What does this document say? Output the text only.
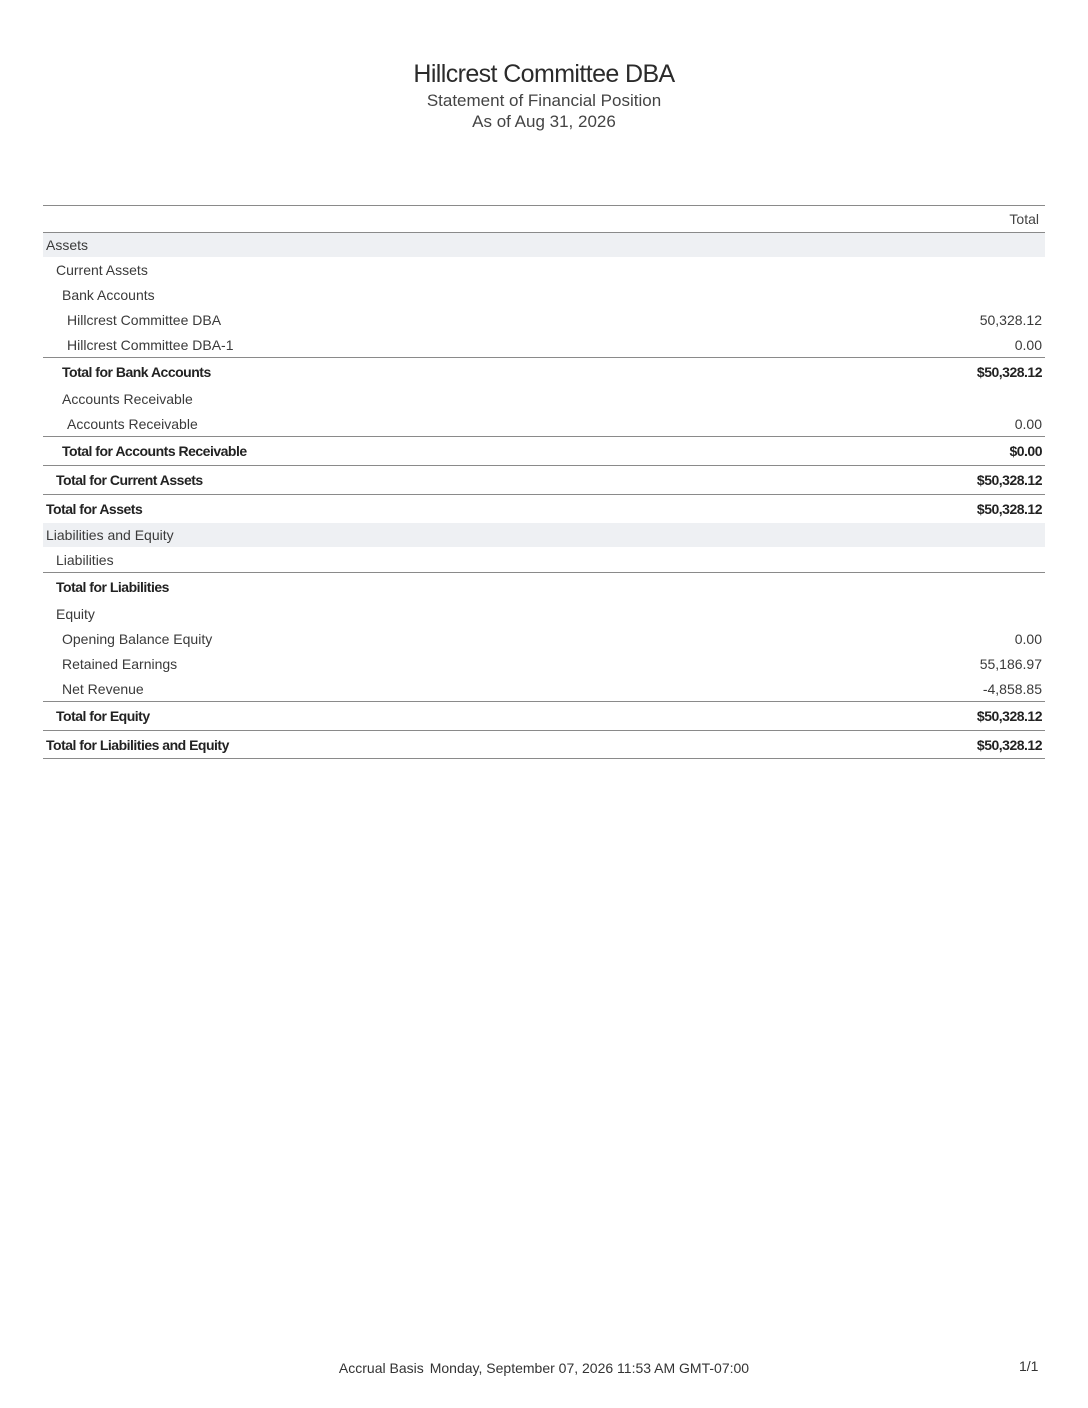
Hillcrest Committee DBA
Statement of Financial Position
As of Aug 31, 2026
Total
Assets
Current Assets
Bank Accounts
Hillcrest Committee DBA	50,328.12
Hillcrest Committee DBA-1	0.00
Total for Bank Accounts	$50,328.12
Accounts Receivable
Accounts Receivable	0.00
Total for Accounts Receivable	$0.00
Total for Current Assets	$50,328.12
Total for Assets	$50,328.12
Liabilities and Equity
Liabilities
Total for Liabilities
Equity
Opening Balance Equity	0.00
Retained Earnings	55,186.97
Net Revenue	-4,858.85
Total for Equity	$50,328.12
Total for Liabilities and Equity	$50,328.12
Accrual Basis Monday, September 07, 2026 11:53 AM GMT-07:00	1/1
